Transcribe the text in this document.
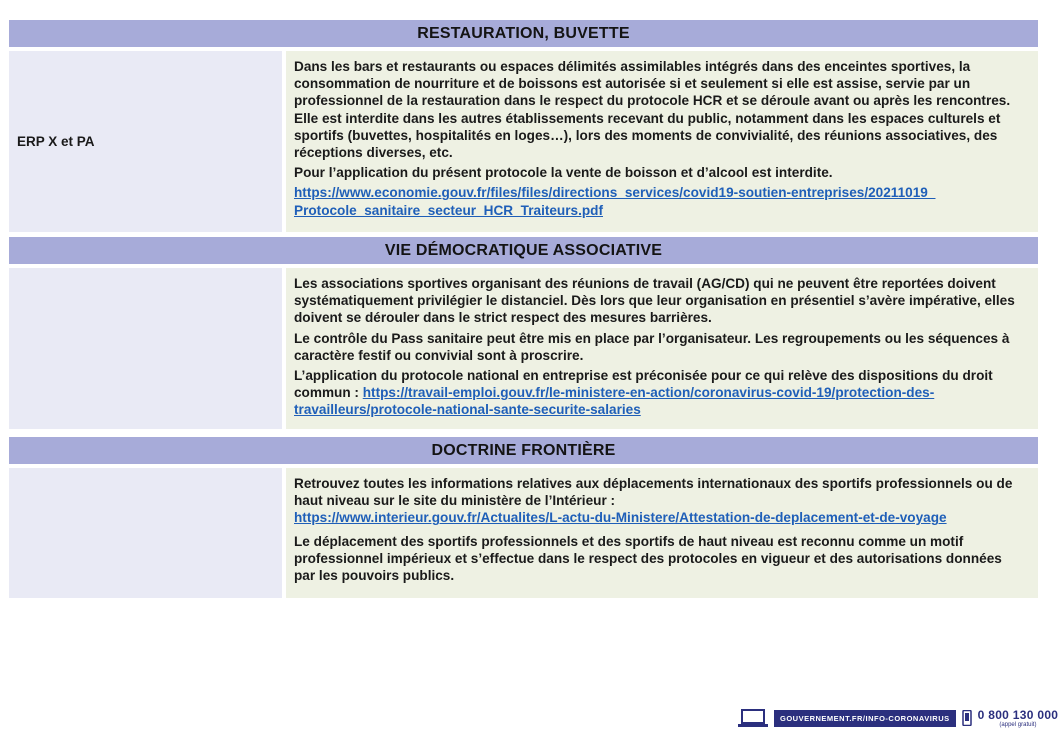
RESTAURATION, BUVETTE
ERP X et PA

Dans les bars et restaurants ou espaces délimités assimilables intégrés dans des enceintes sportives, la consommation de nourriture et de boissons est autorisée si et seulement si elle est assise, servie par un professionnel de la restauration dans le respect du protocole HCR et se déroule avant ou après les rencontres. Elle est interdite dans les autres établissements recevant du public, notamment dans les espaces culturels et sportifs (buvettes, hospitalités en loges…), lors des moments de convivialité, des réunions associatives, des réceptions diverses, etc.

Pour l’application du présent protocole la vente de boisson et d’alcool est interdite.

https://www.economie.gouv.fr/files/files/directions_services/covid19-soutien-entreprises/20211019_ Protocole_sanitaire_secteur_HCR_Traiteurs.pdf

VIE DÉMOCRATIQUE ASSOCIATIVE

Les associations sportives organisant des réunions de travail (AG/CD) qui ne peuvent être reportées doivent systématiquement privilégier le distanciel. Dès lors que leur organisation en présentiel s’avère impérative, elles doivent se dérouler dans le strict respect des mesures barrières.

Le contrôle du Pass sanitaire peut être mis en place par l’organisateur. Les regroupements ou les séquences à caractère festif ou convivial sont à proscrire.

L’application du protocole national en entreprise est préconisée pour ce qui relève des dispositions du droit commun : https://travail-emploi.gouv.fr/le-ministere-en-action/coronavirus-covid-19/protection-des-travailleurs/protocole-national-sante-securite-salaries

DOCTRINE FRONTIÈRE

Retrouvez toutes les informations relatives aux déplacements internationaux des sportifs professionnels ou de haut niveau sur le site du ministère de l’Intérieur :

https://www.interieur.gouv.fr/Actualites/L-actu-du-Ministere/Attestation-de-deplacement-et-de-voyage

Le déplacement des sportifs professionnels et des sportifs de haut niveau est reconnu comme un motif professionnel impérieux et s’effectue dans le respect des protocoles en vigueur et des autorisations données par les pouvoirs publics.

GOUVERNEMENT.FR/INFO-CORONAVIRUS	0 800 130 000
(appel gratuit)
